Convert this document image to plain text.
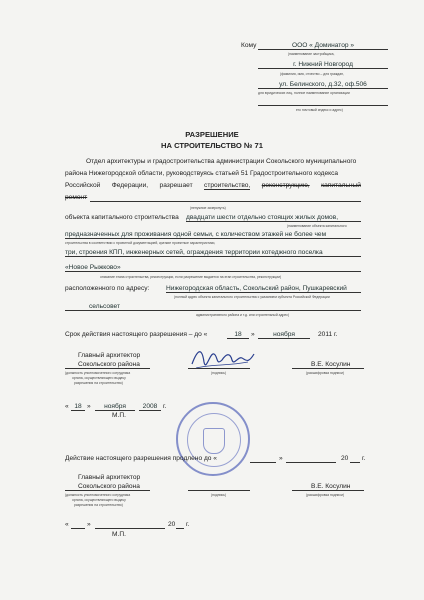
Кому	ООО « Доминатор »
(наименование застройщика,
г. Нижний Новгород
(фамилия, имя, отчество – для граждан,
ул. Белинского, д.32, оф.506
для юридических лиц, полное наименование организации
его почтовый индекс и адрес)
РАЗРЕШЕНИЕ
НА СТРОИТЕЛЬСТВО № 71
Отдел архитектуры и градостроительства администрации Сокольского муниципального
района Нижегородской области, руководствуясь статьей 51 Градостроительного кодекса
Российской Федерации, разрешает строительство, реконструкцию, капитальный
ремонт
(ненужное зачеркнуть)
объекта капитального строительства двадцати шести отдельно стоящих жилых домов,
(наименование объекта капитального
предназначенных для проживания одной семьи, с количеством этажей не более чем
строительства в соответствии с проектной документацией, краткие проектные характеристики,
три, строения КПП, инженерных сетей, ограждения территории котеджного поселка
«Новое Рыжково»
описание этапа строительства, реконструкции, если разрешение выдается на этап строительства, реконструкции)
расположенного по адресу:	Нижегородская область, Сокольский район, Пушкаревский
(полный адрес объекта капитального строительства с указанием субъекта Российской Федерации
сельсовет
административного района и т.д. или строительный адрес)
Срок действия настоящего разрешения – до «	18	»	ноября	2011 г.
Главный архитектор
Сокольского района
(должность уполномоченного сотрудника
органа, осуществляющего выдачу
разрешения на строительство)
(подпись)
В.Е. Косулин
(расшифровка подписи)
« 18 »	ноября	2008 г.
М.П.
Действие настоящего разрешения продлено до «	»	20 г.
Главный архитектор
Сокольского района
(должность уполномоченного сотрудника
органа, осуществляющего выдачу
разрешения на строительство)
(подпись)
В.Е. Косулин
(расшифровка подписи)
«	»	20 г.
М.П.
